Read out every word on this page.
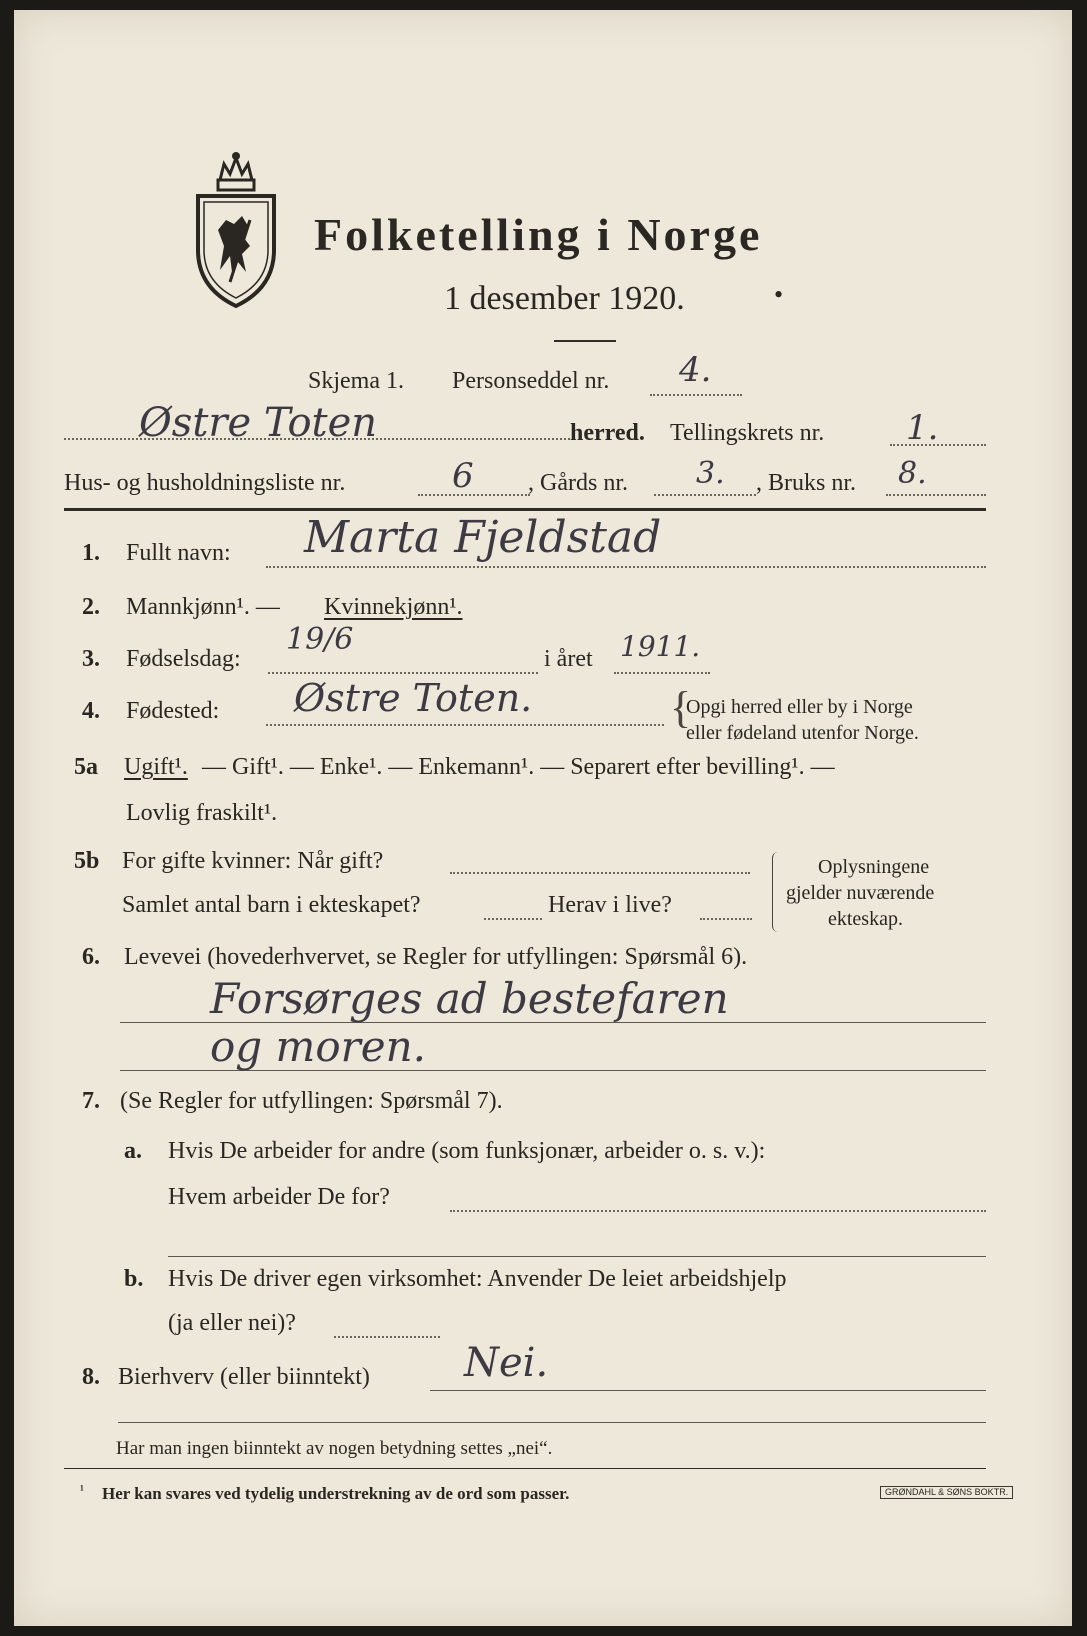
Folketelling i Norge
1 desember 1920.	•
Skjema 1. Personseddel nr. 4.
Østre Toten	herred. Tellingskrets nr. 1.
Hus- og husholdningsliste nr.	6 , Gårds nr. 3. , Bruks nr. 8.
1. Fullt navn: Marta Fjeldstad
2. Mannkjønn¹. — Kvinnekjønn¹.
3. Fødselsdag:
19/6
i året 1911.
4. Fødested: Østre Toten.	{
Opgi herred eller by i Norge
eller fødeland utenfor Norge.
5a Ugift¹. — Gift¹. — Enke¹. — Enkemann¹. — Separert efter bevilling¹. —
Lovlig fraskilt¹.
5b For gifte kvinner: Når gift?
Samlet antal barn i ekteskapet?	Herav i live?
Oplysningene
gjelder nuværende
ekteskap.
6. Levevei (hovederhvervet, se Regler for utfyllingen: Spørsmål 6).
Forsørges ad bestefaren
og moren.
7. (Se Regler for utfyllingen: Spørsmål 7).
a. Hvis De arbeider for andre (som funksjonær, arbeider o. s. v.):
Hvem arbeider De for?
b. Hvis De driver egen virksomhet: Anvender De leiet arbeidshjelp
(ja eller nei)?
8. Bierhverv (eller biinntekt) Nei.
Har man ingen biinntekt av nogen betydning settes „nei“.
¹ Her kan svares ved tydelig understrekning av de ord som passer.	GRØNDAHL & SØNS BOKTR.
